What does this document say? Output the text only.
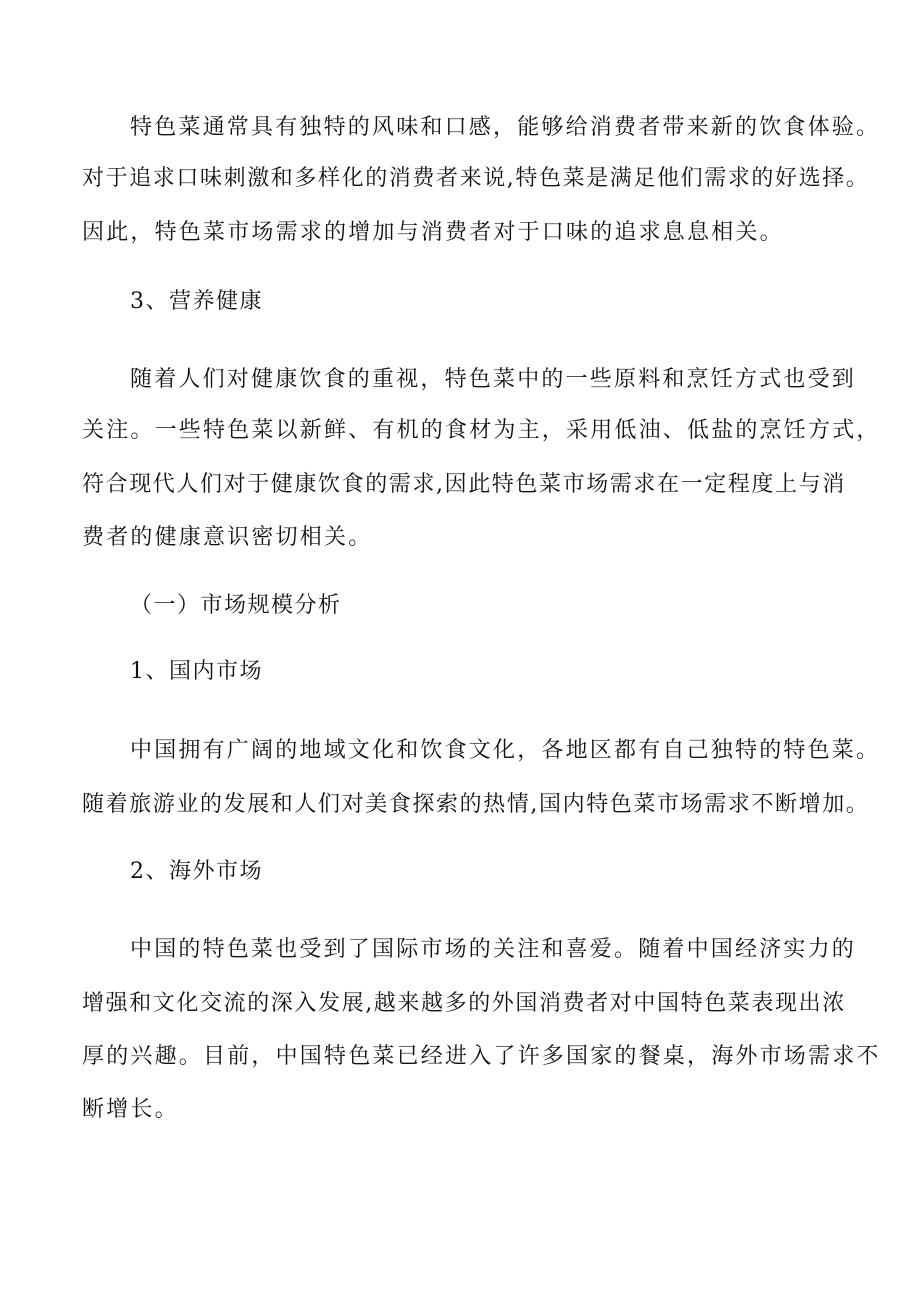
特色菜通常具有独特的风味和口感，能够给消费者带来新的饮食体验。
对于追求口味刺激和多样化的消费者来说,特色菜是满足他们需求的好选择。
因此，特色菜市场需求的增加与消费者对于口味的追求息息相关。
3、营养健康
随着人们对健康饮食的重视，特色菜中的一些原料和烹饪方式也受到
关注。一些特色菜以新鲜、有机的食材为主，采用低油、低盐的烹饪方式，
符合现代人们对于健康饮食的需求,因此特色菜市场需求在一定程度上与消
费者的健康意识密切相关。
（一）市场规模分析
1、国内市场
中国拥有广阔的地域文化和饮食文化，各地区都有自己独特的特色菜。
随着旅游业的发展和人们对美食探索的热情,国内特色菜市场需求不断增加。
2、海外市场
中国的特色菜也受到了国际市场的关注和喜爱。随着中国经济实力的
增强和文化交流的深入发展,越来越多的外国消费者对中国特色菜表现出浓
厚的兴趣。目前，中国特色菜已经进入了许多国家的餐桌，海外市场需求不
断增长。
